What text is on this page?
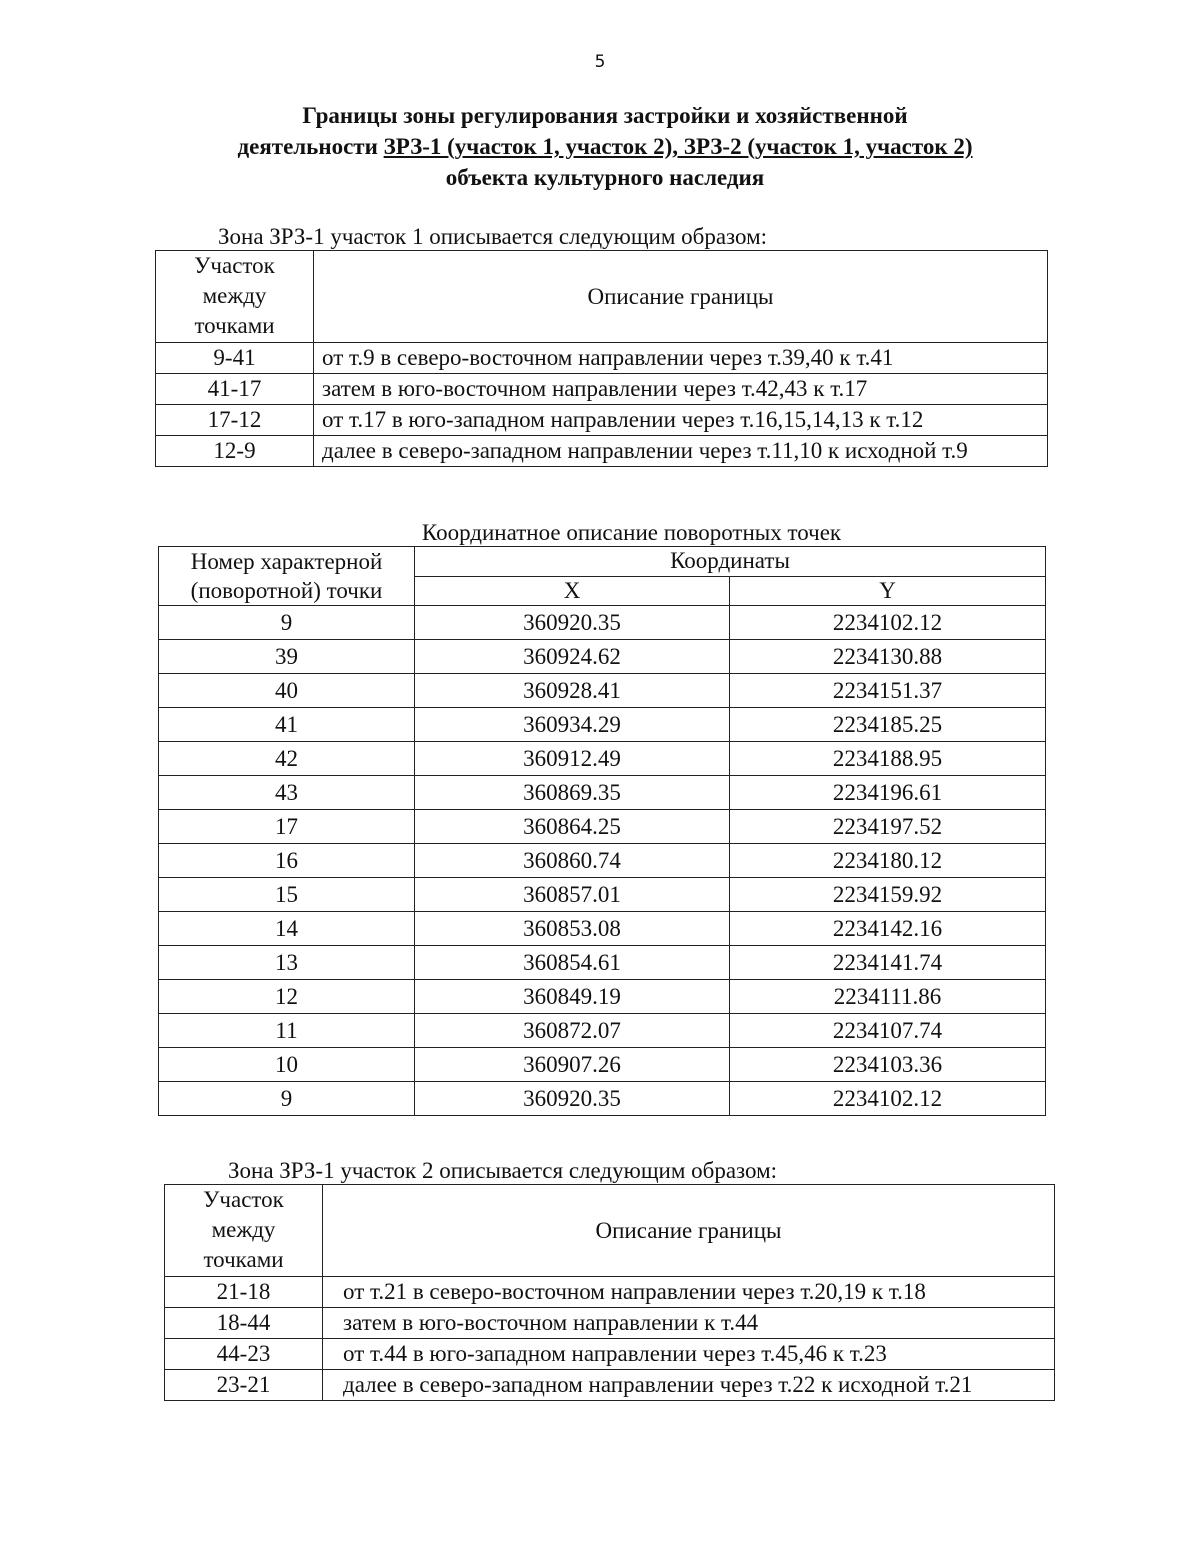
5
Границы зоны регулирования застройки и хозяйственной
деятельности ЗРЗ-1 (участок 1, участок 2), ЗРЗ-2 (участок 1, участок 2)
объекта культурного наследия
Зона ЗРЗ-1 участок 1 описывается следующим образом:
Участок между точками	Описание границы
9-41	от т.9 в северо-восточном направлении через т.39,40 к т.41
41-17	затем в юго-восточном направлении через т.42,43 к т.17
17-12	от т.17 в юго-западном направлении через т.16,15,14,13 к т.12
12-9	далее в северо-западном направлении через т.11,10 к исходной т.9
Координатное описание поворотных точек
Номер характерной (поворотной) точки	Координаты	
	X	Y
9	360920.35	2234102.12
39	360924.62	2234130.88
40	360928.41	2234151.37
41	360934.29	2234185.25
42	360912.49	2234188.95
43	360869.35	2234196.61
17	360864.25	2234197.52
16	360860.74	2234180.12
15	360857.01	2234159.92
14	360853.08	2234142.16
13	360854.61	2234141.74
12	360849.19	2234111.86
11	360872.07	2234107.74
10	360907.26	2234103.36
9	360920.35	2234102.12
Зона ЗРЗ-1 участок 2 описывается следующим образом:
Участок между точками	Описание границы
21-18	от т.21 в северо-восточном направлении через т.20,19 к т.18
18-44	затем в юго-восточном направлении к т.44
44-23	от т.44 в юго-западном направлении через т.45,46 к т.23
23-21	далее в северо-западном направлении через т.22 к исходной т.21
